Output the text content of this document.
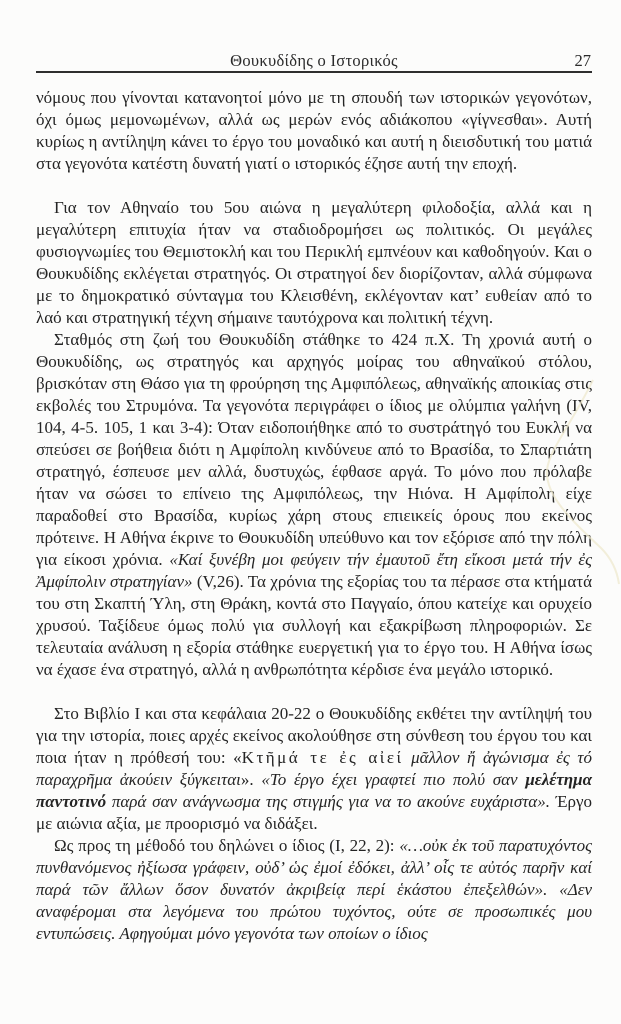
Θουκυδίδης ο Ιστορικός	27

νόμους που γίνονται κατανοητοί μόνο με τη σπουδή των ιστορικών γεγονότων, όχι όμως μεμονωμένων, αλλά ως μερών ενός αδιάκοπου «γίγνεσθαι». Αυτή κυρίως η αντίληψη κάνει το έργο του μοναδικό και αυτή η διεισδυτική του ματιά στα γεγονότα κατέστη δυνατή γιατί ο ιστορικός έζησε αυτή την εποχή.

Για τον Αθηναίο του 5ου αιώνα η μεγαλύτερη φιλοδοξία, αλλά και η μεγαλύτερη επιτυχία ήταν να σταδιοδρομήσει ως πολιτικός. Οι μεγάλες φυσιογνωμίες του Θεμιστοκλή και του Περικλή εμπνέουν και καθοδηγούν. Και ο Θουκυδίδης εκλέγεται στρατηγός. Οι στρατηγοί δεν διορίζονταν, αλλά σύμφωνα με το δημοκρατικό σύνταγμα του Κλεισθένη, εκλέγονταν κατ’ ευθείαν από το λαό και στρατηγική τέχνη σήμαινε ταυτόχρονα και πολιτική τέχνη.

Σταθμός στη ζωή του Θουκυδίδη στάθηκε το 424 π.Χ. Τη χρονιά αυτή ο Θουκυδίδης, ως στρατηγός και αρχηγός μοίρας του αθηναϊκού στόλου, βρισκόταν στη Θάσο για τη φρούρηση της Αμφιπόλεως, αθηναϊκής αποικίας στις εκβολές του Στρυμόνα. Τα γεγονότα περιγράφει ο ίδιος με ολύμπια γαλήνη (IV, 104, 4-5. 105, 1 και 3-4): Όταν ειδοποιήθηκε από το συστράτηγό του Ευκλή να σπεύσει σε βοήθεια διότι η Αμφίπολη κινδύνευε από το Βρασίδα, το Σπαρτιάτη στρατηγό, έσπευσε μεν αλλά, δυστυχώς, έφθασε αργά. Το μόνο που πρόλαβε ήταν να σώσει το επίνειο της Αμφιπόλεως, την Ηιόνα. Η Αμφίπολη είχε παραδοθεί στο Βρασίδα, κυρίως χάρη στους επιεικείς όρους που εκείνος πρότεινε. Η Αθήνα έκρινε το Θουκυδίδη υπεύθυνο και τον εξόρισε από την πόλη για είκοσι χρόνια. «Καί ξυνέβη μοι φεύγειν τήν ἐμαυτοῦ ἔτη εἴκοσι μετά τήν ἐς Ἀμφίπολιν στρατηγίαν» (V,26). Τα χρόνια της εξορίας του τα πέρασε στα κτήματά του στη Σκαπτή Ύλη, στη Θράκη, κοντά στο Παγγαίο, όπου κατείχε και ορυχείο χρυσού. Ταξίδευε όμως πολύ για συλλογή και εξακρίβωση πληροφοριών. Σε τελευταία ανάλυση η εξορία στάθηκε ευεργετική για το έργο του. Η Αθήνα ίσως να έχασε ένα στρατηγό, αλλά η ανθρωπότητα κέρδισε ένα μεγάλο ιστορικό.

Στο Βιβλίο Ι και στα κεφάλαια 20-22 ο Θουκυδίδης εκθέτει την αντίληψή του για την ιστορία, ποιες αρχές εκείνος ακολούθησε στη σύνθεση του έργου του και ποια ήταν η πρόθεσή του: «Κτῆμά τε ἐς αἰεί μᾶλλον ἤ ἀγώνισμα ἐς τό παραχρῆμα ἀκούειν ξύγκειται». «Το έργο έχει γραφτεί πιο πολύ σαν μελέτημα παντοτινό παρά σαν ανάγνωσμα της στιγμής για να το ακούνε ευχάριστα». Έργο με αιώνια αξία, με προορισμό να διδάξει.

Ως προς τη μέθοδό του δηλώνει ο ίδιος (I, 22, 2): «…οὐκ ἐκ τοῦ παρατυχόντος πυνθανόμενος ἠξίωσα γράφειν, οὐδ’ ὡς ἐμοί ἐδόκει, ἀλλ’ οἷς τε αὐτός παρῆν καί παρά τῶν ἄλλων ὅσον δυνατόν ἀκριβείᾳ περί ἑκάστου ἐπεξελθών». «Δεν αναφέρομαι στα λεγόμενα του πρώτου τυχόντος, ούτε σε προσωπικές μου εντυπώσεις. Αφηγούμαι μόνο γεγονότα των οποίων ο ίδιος
